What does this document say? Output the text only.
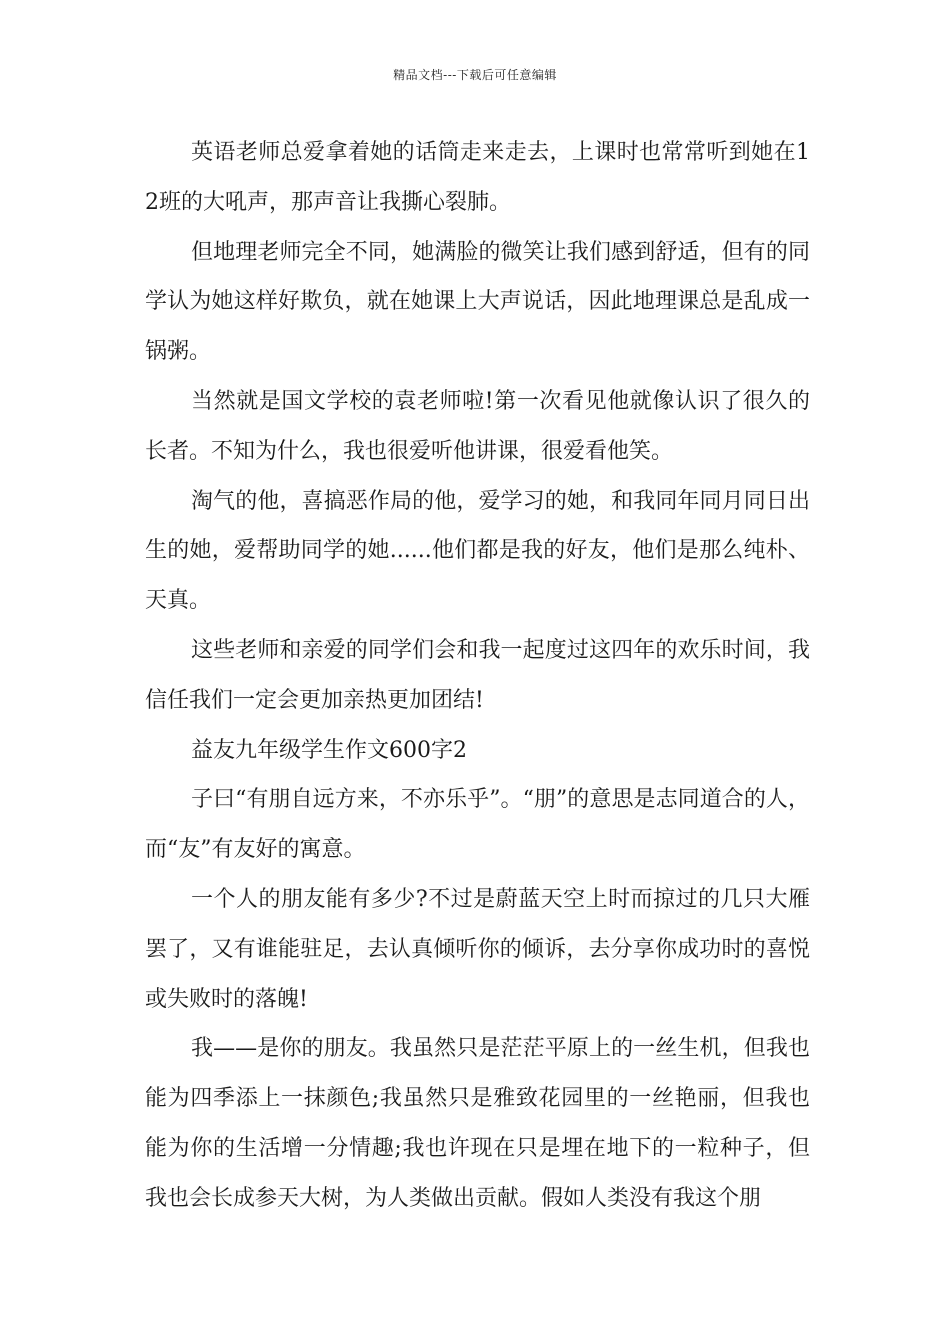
精品文档---下载后可任意编辑

英语老师总爱拿着她的话筒走来走去，上课时也常常听到她在12班的大吼声，那声音让我撕心裂肺。

但地理老师完全不同，她满脸的微笑让我们感到舒适，但有的同学认为她这样好欺负，就在她课上大声说话，因此地理课总是乱成一锅粥。

当然就是国文学校的袁老师啦!第一次看见他就像认识了很久的长者。不知为什么，我也很爱听他讲课，很爱看他笑。

淘气的他，喜搞恶作局的他，爱学习的她，和我同年同月同日出生的她，爱帮助同学的她......他们都是我的好友，他们是那么纯朴、天真。

这些老师和亲爱的同学们会和我一起度过这四年的欢乐时间，我信任我们一定会更加亲热更加团结!

益友九年级学生作文600字2

子曰“有朋自远方来，不亦乐乎”。“朋”的意思是志同道合的人，而“友”有友好的寓意。

一个人的朋友能有多少?不过是蔚蓝天空上时而掠过的几只大雁罢了，又有谁能驻足，去认真倾听你的倾诉，去分享你成功时的喜悦或失败时的落魄!

我——是你的朋友。我虽然只是茫茫平原上的一丝生机，但我也能为四季添上一抹颜色;我虽然只是雅致花园里的一丝艳丽，但我也能为你的生活增一分情趣;我也许现在只是埋在地下的一粒种子，但我也会长成参天大树，为人类做出贡献。假如人类没有我这个朋
